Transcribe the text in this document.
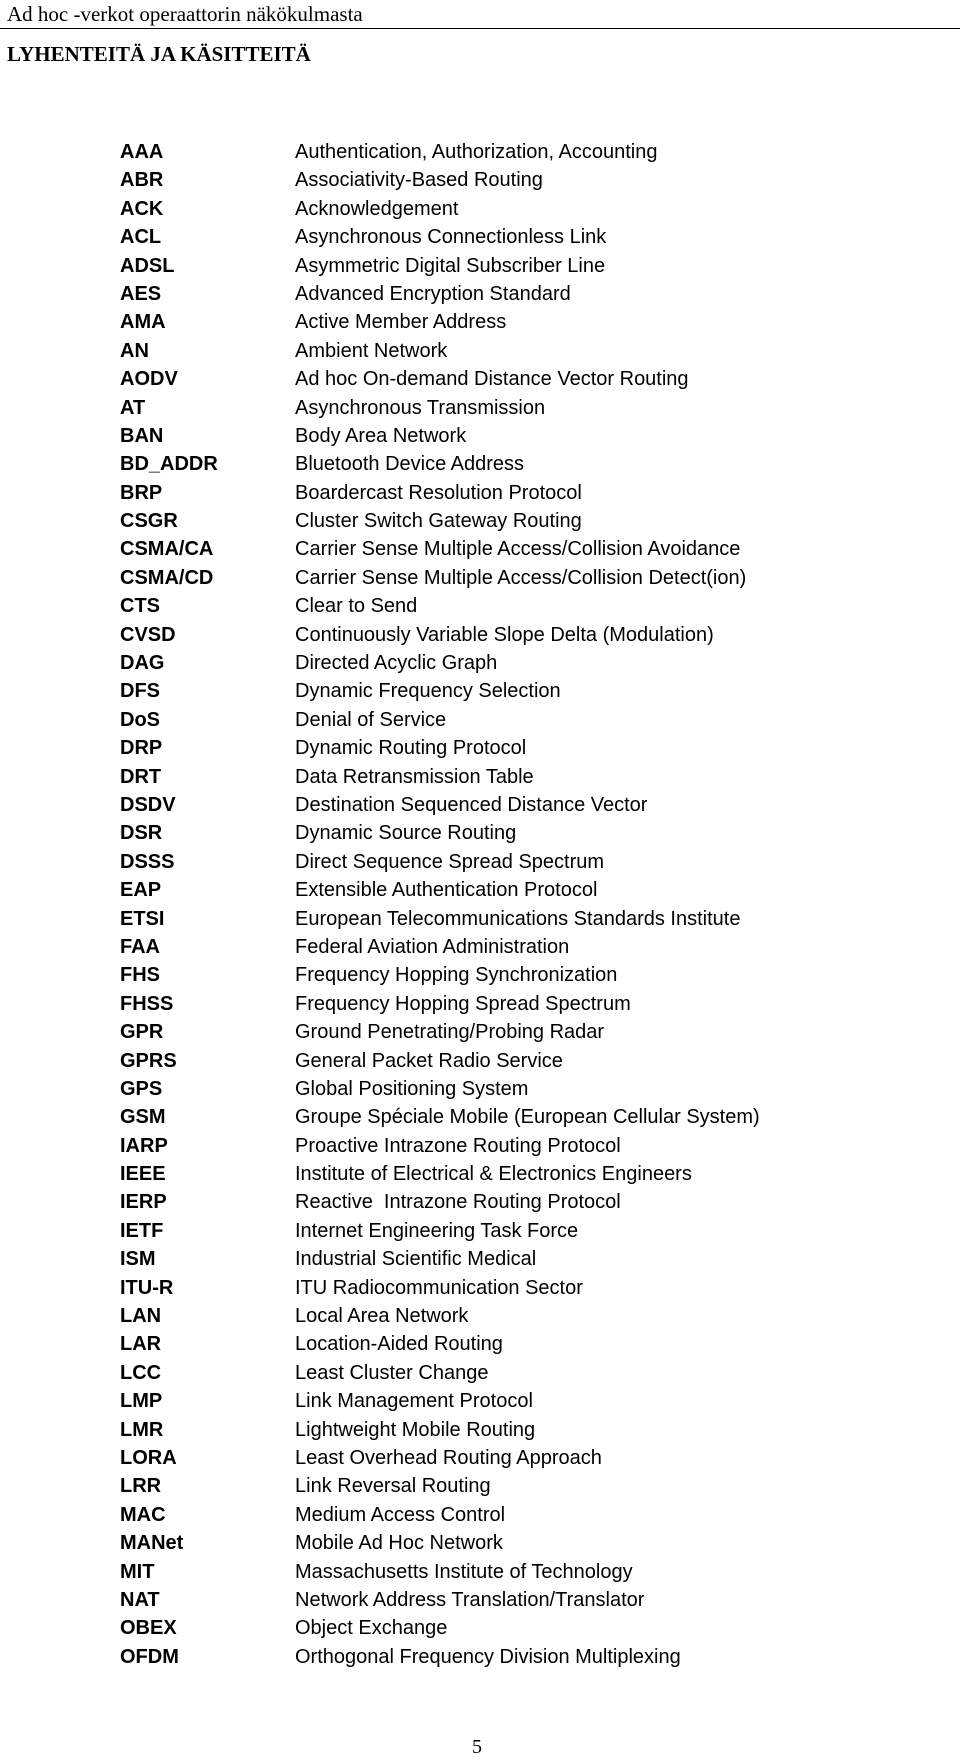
Ad hoc -verkot operaattorin näkökulmasta
LYHENTEITÄ JA KÄSITTEITÄ
AAA	Authentication, Authorization, Accounting
ABR	Associativity-Based Routing
ACK	Acknowledgement
ACL	Asynchronous Connectionless Link
ADSL	Asymmetric Digital Subscriber Line
AES	Advanced Encryption Standard
AMA	Active Member Address
AN	Ambient Network
AODV	Ad hoc On-demand Distance Vector Routing
AT	Asynchronous Transmission
BAN	Body Area Network
BD_ADDR	Bluetooth Device Address
BRP	Boardercast Resolution Protocol
CSGR	Cluster Switch Gateway Routing
CSMA/CA	Carrier Sense Multiple Access/Collision Avoidance
CSMA/CD	Carrier Sense Multiple Access/Collision Detect(ion)
CTS	Clear to Send
CVSD	Continuously Variable Slope Delta (Modulation)
DAG	Directed Acyclic Graph
DFS	Dynamic Frequency Selection
DoS	Denial of Service
DRP	Dynamic Routing Protocol
DRT	Data Retransmission Table
DSDV	Destination Sequenced Distance Vector
DSR	Dynamic Source Routing
DSSS	Direct Sequence Spread Spectrum
EAP	Extensible Authentication Protocol
ETSI	European Telecommunications Standards Institute
FAA	Federal Aviation Administration
FHS	Frequency Hopping Synchronization
FHSS	Frequency Hopping Spread Spectrum
GPR	Ground Penetrating/Probing Radar
GPRS	General Packet Radio Service
GPS	Global Positioning System
GSM	Groupe Spéciale Mobile (European Cellular System)
IARP	Proactive Intrazone Routing Protocol
IEEE	Institute of Electrical & Electronics Engineers
IERP	Reactive  Intrazone Routing Protocol
IETF	Internet Engineering Task Force
ISM	Industrial Scientific Medical
ITU-R	ITU Radiocommunication Sector
LAN	Local Area Network
LAR	Location-Aided Routing
LCC	Least Cluster Change
LMP	Link Management Protocol
LMR	Lightweight Mobile Routing
LORA	Least Overhead Routing Approach
LRR	Link Reversal Routing
MAC	Medium Access Control
MANet	Mobile Ad Hoc Network
MIT	Massachusetts Institute of Technology
NAT	Network Address Translation/Translator
OBEX	Object Exchange
OFDM	Orthogonal Frequency Division Multiplexing
5
